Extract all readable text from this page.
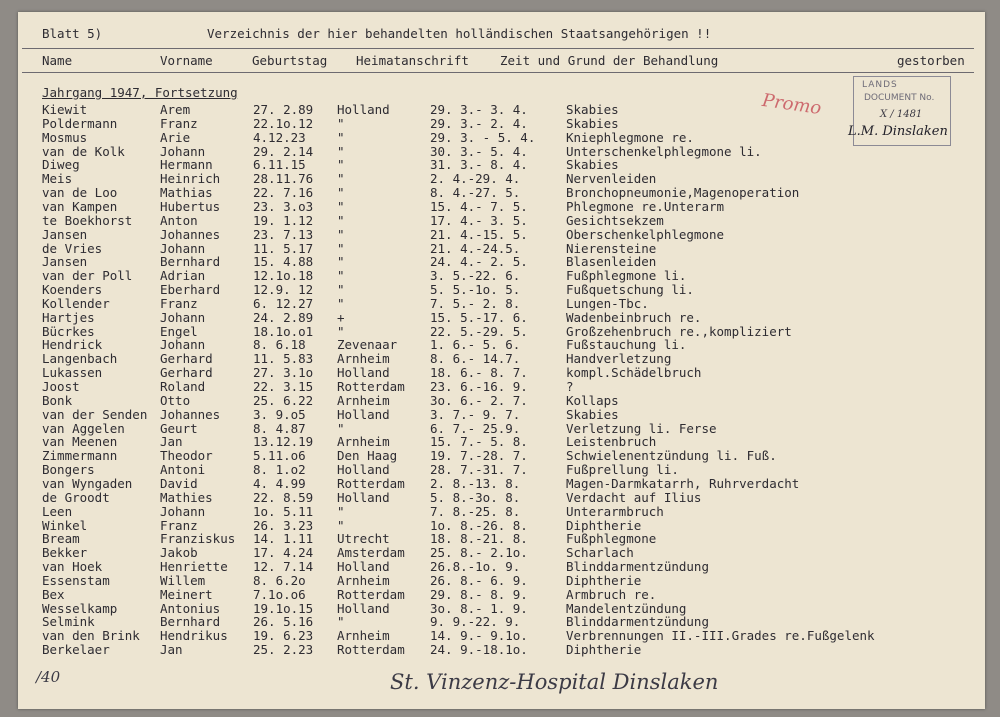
Blatt 5)	Verzeichnis der hier behandelten holländischen Staatsangehörigen !!
Name	Vorname	Geburtstag Heimatanschrift Zeit und Grund der Behandlung	gestorben
Jahrgang 1947, Fortsetzung
Kiewit	Arem	27. 2.89 Holland	29. 3.- 3. 4.	Skabies
Poldermann	Franz	22.1o.12 "	29. 3.- 2. 4.	Skabies
Mosmus	Arie	4.12.23	"	29. 3. - 5. 4. Kniephlegmone re.
van de Kolk	Johann	29. 2.14 "	30. 3.- 5. 4.	Unterschenkelphlegmone li.
Diweg	Hermann	6.11.15	"	31. 3.- 8. 4.	Skabies
Meis	Heinrich	28.11.76 "	2. 4.-29. 4.	Nervenleiden
van de Loo	Mathias	22. 7.16 "	8. 4.-27. 5.	Bronchopneumonie,Magenoperation
van Kampen	Hubertus	23. 3.o3 "	15. 4.- 7. 5.	Phlegmone re.Unterarm
te Boekhorst Anton	19. 1.12 "	17. 4.- 3. 5.	Gesichtsekzem
Jansen	Johannes	23. 7.13 "	21. 4.-15. 5.	Oberschenkelphlegmone
de Vries	Johann	11. 5.17 "	21. 4.-24.5.	Nierensteine
Jansen	Bernhard	15. 4.88 "	24. 4.- 2. 5.	Blasenleiden
van der Poll Adrian	12.1o.18 "	3. 5.-22. 6.	Fußphlegmone li.
Koenders	Eberhard	12.9. 12 "	5. 5.-1o. 5.	Fußquetschung li.
Kollender	Franz	6. 12.27 "	7. 5.- 2. 8.	Lungen-Tbc.
Hartjes	Johann	24. 2.89 +	15. 5.-17. 6.	Wadenbeinbruch re.
Bücrkes	Engel	18.1o.o1 "	22. 5.-29. 5.	Großzehenbruch re.,kompliziert
Hendrick	Johann	8. 6.18	Zevenaar	1. 6.- 5. 6.	Fußstauchung li.
Langenbach	Gerhard	11. 5.83 Arnheim	8. 6.- 14.7.	Handverletzung
Lukassen	Gerhard	27. 3.1o Holland	18. 6.- 8. 7.	kompl.Schädelbruch
Joost	Roland	22. 3.15 Rotterdam 23. 6.-16. 9.	?
Bonk	Otto	25. 6.22 Arnheim	3o. 6.- 2. 7.	Kollaps
van der Senden Johannes	3. 9.o5	Holland	3. 7.- 9. 7.	Skabies
van Aggelen	Geurt	8. 4.87	"	6. 7.- 25.9.	Verletzung li. Ferse
van Meenen	Jan	13.12.19 Arnheim	15. 7.- 5. 8.	Leistenbruch
Zimmermann	Theodor	5.11.o6	Den Haag	19. 7.-28. 7.	Schwielenentzündung li. Fuß.
Bongers	Antoni	8. 1.o2	Holland	28. 7.-31. 7.	Fußprellung li.
van Wyngaden David	4. 4.99	Rotterdam 2. 8.-13. 8.	Magen-Darmkatarrh, Ruhrverdacht
de Groodt	Mathies	22. 8.59 Holland	5. 8.-3o. 8.	Verdacht auf Ilius
Leen	Johann	1o. 5.11 "	7. 8.-25. 8.	Unterarmbruch
Winkel	Franz	26. 3.23 "	1o. 8.-26. 8.	Diphtherie
Bream	Franziskus 14. 1.11 Utrecht	18. 8.-21. 8.	Fußphlegmone
Bekker	Jakob	17. 4.24 Amsterdam 25. 8.- 2.1o.	Scharlach
van Hoek	Henriette 12. 7.14 Holland	26.8.-1o. 9.	Blinddarmentzündung
Essenstam	Willem	8. 6.2o	Arnheim	26. 8.- 6. 9.	Diphtherie
Bex	Meinert	7.1o.o6	Rotterdam 29. 8.- 8. 9.	Armbruch re.
Wesselkamp	Antonius	19.1o.15 Holland	3o. 8.- 1. 9.	Mandelentzündung
Selmink	Bernhard	26. 5.16 "	9. 9.-22. 9.	Blinddarmentzündung
van den Brink Hendrikus 19. 6.23 Arnheim	14. 9.- 9.1o.	Verbrennungen II.-III.Grades re.Fußgelenk
Berkelaer	Jan	25. 2.23 Rotterdam 24. 9.-18.1o.	Diphtherie
LANDS
DOCUMENT No.
X / 1481
L.M. Dinslaken
Promo
St. Vinzenz-Hospital Dinslaken
/40
